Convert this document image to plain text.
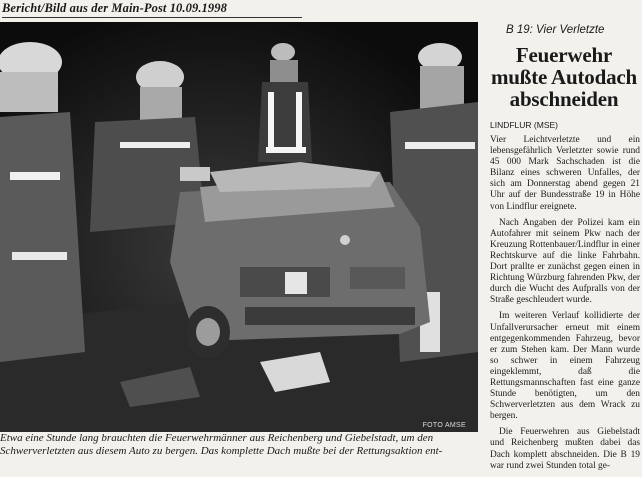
Bericht/Bild aus der Main-Post 10.09.1998
FOTO AMSE
Etwa eine Stunde lang brauchten die Feuerwehrmänner aus Reichenberg und Giebelstadt, um den
Schwerverletzten aus diesem Auto zu bergen. Das komplette Dach mußte bei der Rettungsaktion ent-
B 19: Vier Verletzte
Feuerwehr
mußte Autodach
abschneiden
LINDFLUR (MSE)

Vier Leichtverletzte und ein lebensgefährlich Verletzter sowie rund 45 000 Mark Sachschaden ist die Bilanz eines schweren Unfalles, der sich am Donnerstag abend gegen 21 Uhr auf der Bundesstraße 19 in Höhe von Lindflur ereignete.

Nach Angaben der Polizei kam ein Autofahrer mit seinem Pkw nach der Kreuzung Rottenbauer/Lindflur in einer Rechtskurve auf die linke Fahrbahn. Dort prallte er zunächst gegen einen in Richtung Würzburg fahrenden Pkw, der durch die Wucht des Aufpralls von der Straße geschleudert wurde.

Im weiteren Verlauf kollidierte der Unfallverursacher erneut mit einem entgegenkommenden Fahrzeug, bevor er zum Stehen kam. Der Mann wurde so schwer in einem Fahrzeug eingeklemmt, daß die Rettungsmannschaften fast eine ganze Stunde benötigten, um den Schwerverletzten aus dem Wrack zu bergen.

Die Feuerwehren aus Giebelstadt und Reichenberg mußten dabei das Dach komplett abschneiden. Die B 19 war rund zwei Stunden total ge-
